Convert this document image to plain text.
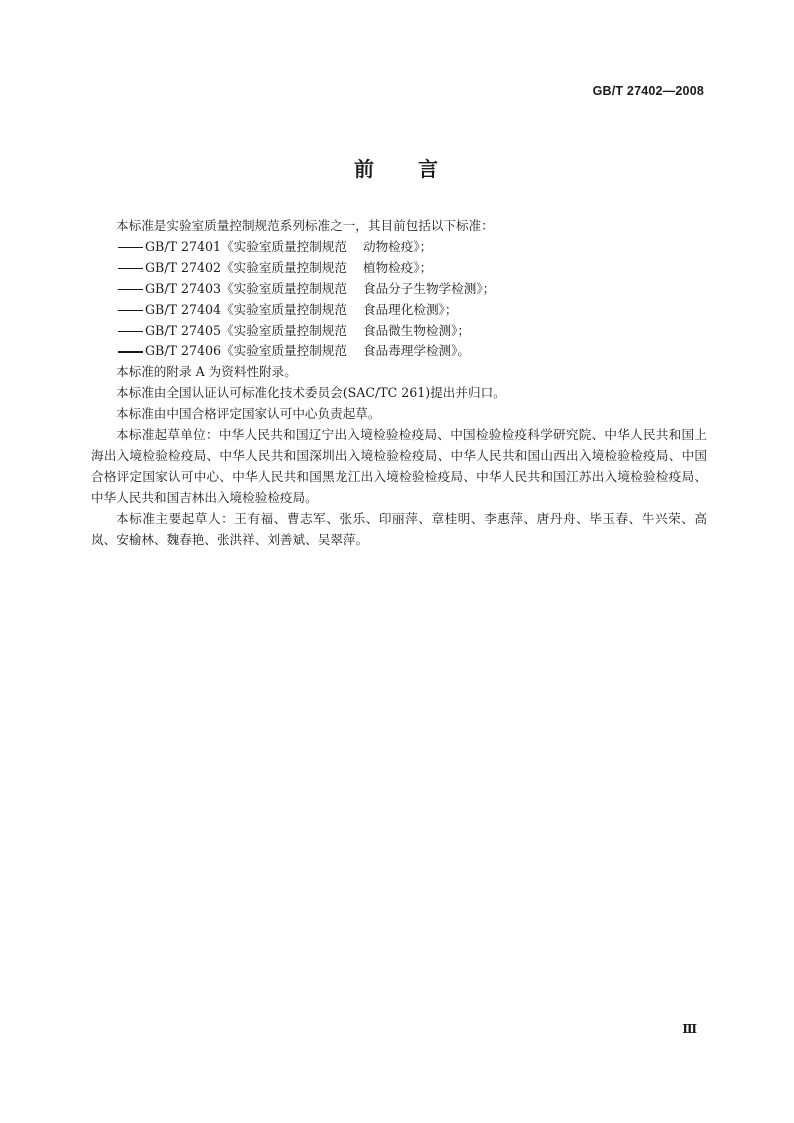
GB/T 27402—2008
前 言

本标准是实验室质量控制规范系列标准之一，其目前包括以下标准：

GB/T 27401《实验室质量控制规范 动物检疫》；
GB/T 27402《实验室质量控制规范 植物检疫》；
GB/T 27403《实验室质量控制规范 食品分子生物学检测》；
GB/T 27404《实验室质量控制规范 食品理化检测》；
GB/T 27405《实验室质量控制规范 食品微生物检测》；
GB/T 27406《实验室质量控制规范 食品毒理学检测》。

本标准的附录 A 为资料性附录。

本标准由全国认证认可标准化技术委员会(SAC/TC 261)提出并归口。

本标准由中国合格评定国家认可中心负责起草。

本标准起草单位：中华人民共和国辽宁出入境检验检疫局、中国检验检疫科学研究院、中华人民共和国上海出入境检验检疫局、中华人民共和国深圳出入境检验检疫局、中华人民共和国山西出入境检验检疫局、中国合格评定国家认可中心、中华人民共和国黑龙江出入境检验检疫局、中华人民共和国江苏出入境检验检疫局、中华人民共和国吉林出入境检验检疫局。

本标准主要起草人：王有福、曹志军、张乐、印丽萍、章桂明、李惠萍、唐丹舟、毕玉春、牛兴荣、高岚、安榆林、魏春艳、张洪祥、刘善斌、吴翠萍。

Ⅲ
